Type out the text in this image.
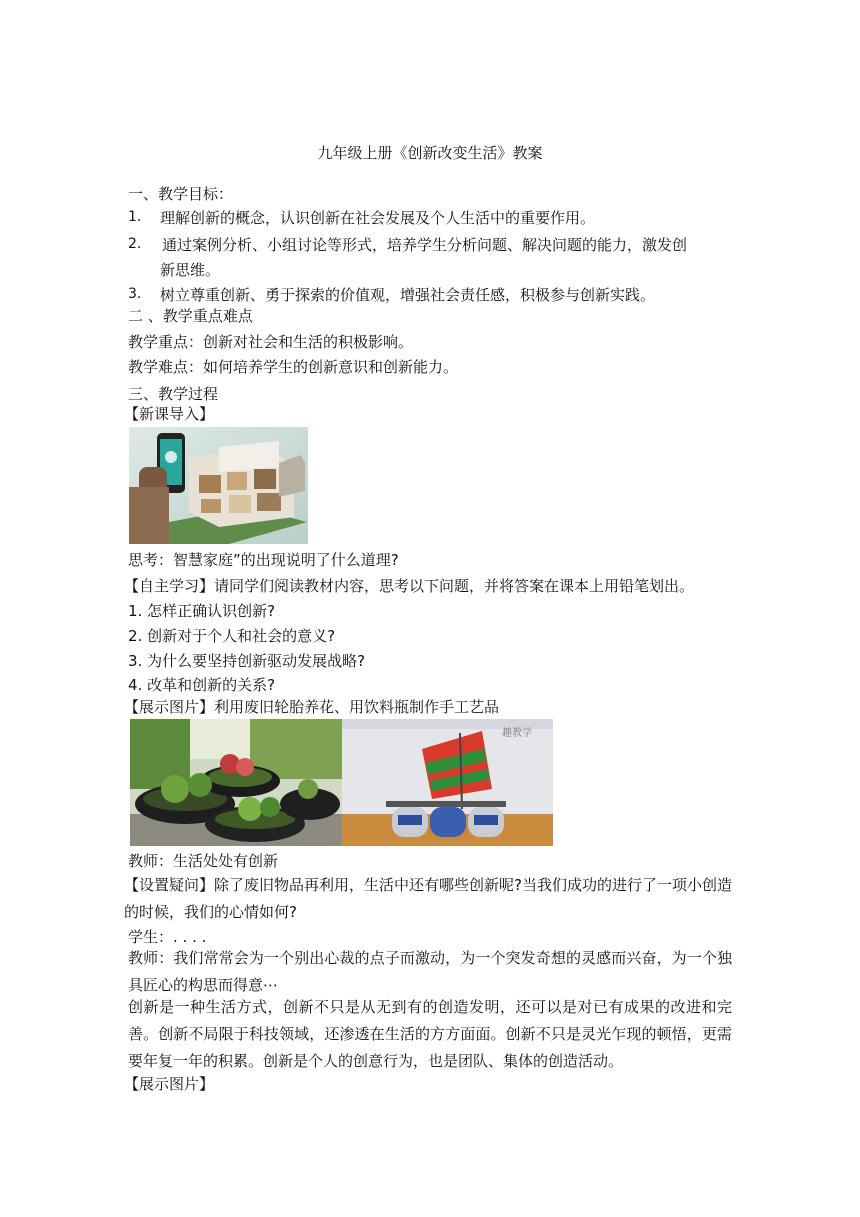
九年级上册《创新改变生活》教案
一、教学目标：
1.	理解创新的概念，认识创新在社会发展及个人生活中的重要作用。
2.	通过案例分析、小组讨论等形式，培养学生分析问题、解决问题的能力，激发创
新思维。
3.	树立尊重创新、勇于探索的价值观，增强社会责任感，积极参与创新实践。
二 、教学重点难点
教学重点：创新对社会和生活的积极影响。
教学难点：如何培养学生的创新意识和创新能力。
三、教学过程
【新课导入】
思考：智慧家庭”的出现说明了什么道理?
【自主学习】请同学们阅读教材内容，思考以下问题，并将答案在课本上用铅笔划出。
1. 怎样正确认识创新?
2. 创新对于个人和社会的意义?
3. 为什么要坚持创新驱动发展战略?
4. 改革和创新的关系?
【展示图片】利用废旧轮胎养花、用饮料瓶制作手工艺品
趣教学
教师：生活处处有创新
【设置疑问】除了废旧物品再利用，生活中还有哪些创新呢?当我们成功的进行了一项小创造的时候，我们的心情如何?
学生：. . . .
教师：我们常常会为一个别出心裁的点子而激动，为一个突发奇想的灵感而兴奋，为一个独具匠心的构思而得意⋯
创新是一种生活方式，创新不只是从无到有的创造发明，还可以是对已有成果的改进和完善。创新不局限于科技领域，还渗透在生活的方方面面。创新不只是灵光乍现的顿悟，更需要年复一年的积累。创新是个人的创意行为，也是团队、集体的创造活动。
【展示图片】
